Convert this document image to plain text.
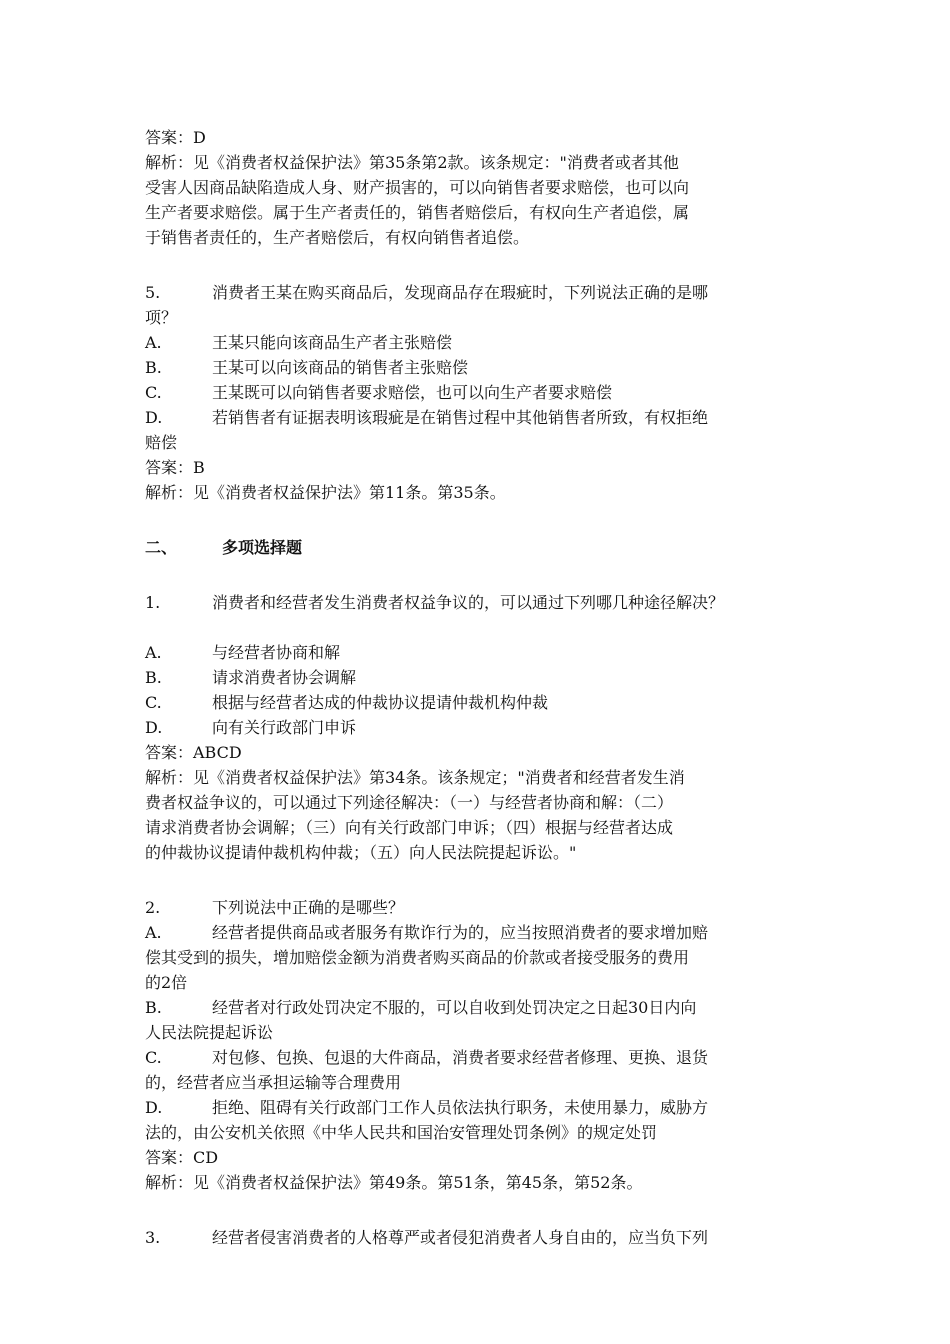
答案：D

解析：见《消费者权益保护法》第35条第2款。该条规定："消费者或者其他

受害人因商品缺陷造成人身、财产损害的，可以向销售者要求赔偿，也可以向

生产者要求赔偿。属于生产者责任的，销售者赔偿后，有权向生产者追偿，属

于销售者责任的，生产者赔偿后，有权向销售者追偿。

5.	消费者王某在购买商品后，发现商品存在瑕疵时，下列说法正确的是哪

项？

A.	王某只能向该商品生产者主张赔偿
B.	王某可以向该商品的销售者主张赔偿
C.	王某既可以向销售者要求赔偿，也可以向生产者要求赔偿
D.	若销售者有证据表明该瑕疵是在销售过程中其他销售者所致，有权拒绝

赔偿

答案：B

解析：见《消费者权益保护法》第11条。第35条。

二、	多项选择题
1.	消费者和经营者发生消费者权益争议的，可以通过下列哪几种途径解决？
A.	与经营者协商和解
B.	请求消费者协会调解
C.	根据与经营者达成的仲裁协议提请仲裁机构仲裁
D.	向有关行政部门申诉

答案：ABCD

解析：见《消费者权益保护法》第34条。该条规定；"消费者和经营者发生消

费者权益争议的，可以通过下列途径解决：（一）与经营者协商和解：（二）

请求消费者协会调解；（三）向有关行政部门申诉；（四）根据与经营者达成

的仲裁协议提请仲裁机构仲裁；（五）向人民法院提起诉讼。"

2.	下列说法中正确的是哪些？
A.	经营者提供商品或者服务有欺诈行为的，应当按照消费者的要求增加赔

偿其受到的损失，增加赔偿金额为消费者购买商品的价款或者接受服务的费用

的2倍

B.	经营者对行政处罚决定不服的，可以自收到处罚决定之日起30日内向

人民法院提起诉讼

C.	对包修、包换、包退的大件商品，消费者要求经营者修理、更换、退货

的，经营者应当承担运输等合理费用

D.	拒绝、阻碍有关行政部门工作人员依法执行职务，未使用暴力，威胁方

法的，由公安机关依照《中华人民共和国治安管理处罚条例》的规定处罚

答案：CD

解析：见《消费者权益保护法》第49条。第51条，第45条，第52条。

3.	经营者侵害消费者的人格尊严或者侵犯消费者人身自由的，应当负下列
